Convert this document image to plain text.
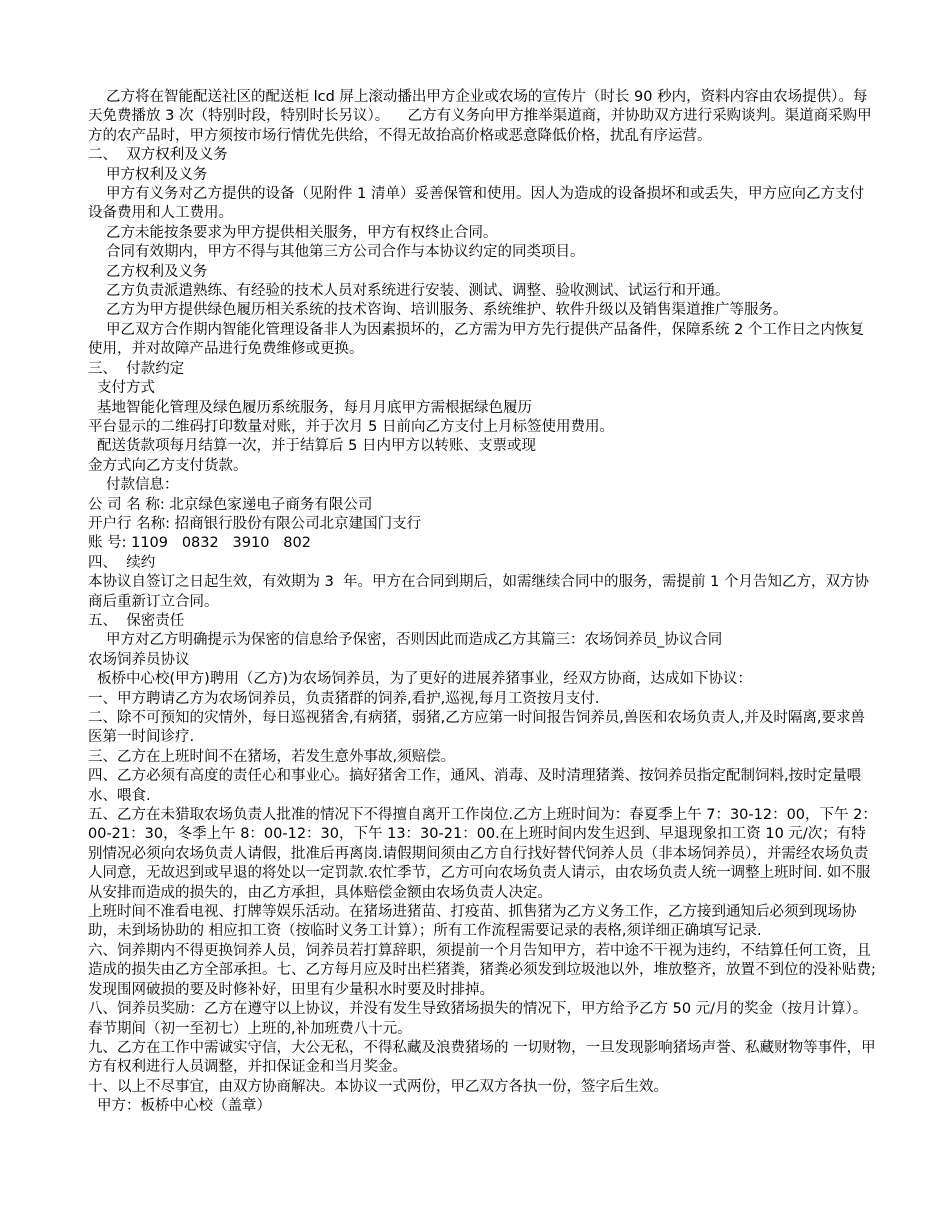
乙方将在智能配送社区的配送柜 lcd 屏上滚动播出甲方企业或农场的宣传片（时长 90 秒内，资料内容由农场提供）。每天免费播放 3 次（特别时段，特别时长另议）。    乙方有义务向甲方推举渠道商，并协助双方进行采购谈判。渠道商采购甲方的农产品时，甲方须按市场行情优先供给，不得无故抬高价格或恶意降低价格，扰乱有序运营。

二、  双方权利及义务

甲方权利及义务

甲方有义务对乙方提供的设备（见附件 1 清单）妥善保管和使用。因人为造成的设备损坏和或丢失，甲方应向乙方支付设备费用和人工费用。

乙方未能按条要求为甲方提供相关服务，甲方有权终止合同。

合同有效期内，甲方不得与其他第三方公司合作与本协议约定的同类项目。

乙方权利及义务

乙方负责派遣熟练、有经验的技术人员对系统进行安装、测试、调整、验收测试、试运行和开通。

乙方为甲方提供绿色履历相关系统的技术咨询、培训服务、系统维护、软件升级以及销售渠道推广等服务。

甲乙双方合作期内智能化管理设备非人为因素损坏的，乙方需为甲方先行提供产品备件，保障系统 2 个工作日之内恢复使用，并对故障产品进行免费维修或更换。

三、  付款约定

支付方式

基地智能化管理及绿色履历系统服务，每月月底甲方需根据绿色履历

平台显示的二维码打印数量对账，并于次月 5 日前向乙方支付上月标签使用费用。

配送货款项每月结算一次，并于结算后 5 日内甲方以转账、支票或现

金方式向乙方支付货款。

付款信息：

公 司 名 称: 北京绿色家递电子商务有限公司

开户行 名称: 招商银行股份有限公司北京建国门支行

账 号: 1109   0832   3910   802

四、  续约

本协议自签订之日起生效，有效期为 3  年。甲方在合同到期后，如需继续合同中的服务，需提前 1 个月告知乙方，双方协商后重新订立合同。

五、  保密责任

甲方对乙方明确提示为保密的信息给予保密，否则因此而造成乙方其篇三：农场饲养员_协议合同

农场饲养员协议

板桥中心校(甲方)聘用（乙方)为农场饲养员，为了更好的进展养猪事业，经双方协商，达成如下协议：

一、甲方聘请乙方为农场饲养员，负责猪群的饲养,看护,巡视,每月工资按月支付.

二、除不可预知的灾情外，每日巡视猪舍,有病猪，弱猪,乙方应第一时间报告饲养员,兽医和农场负责人,并及时隔离,要求兽医第一时间诊疗.

三、乙方在上班时间不在猪场，若发生意外事故,须赔偿。

四、乙方必须有高度的责任心和事业心。搞好猪舍工作，通风、消毒、及时清理猪粪、按饲养员指定配制饲料,按时定量喂水、喂食.

五、乙方在未猎取农场负责人批准的情况下不得擅自离开工作岗位.乙方上班时间为：春夏季上午 7：30-12：00，下午 2：00-21：30，冬季上午 8：00-12：30，下午 13：30-21：00.在上班时间内发生迟到、早退现象扣工资 10 元/次；有特别情况必须向农场负责人请假，批准后再离岗.请假期间须由乙方自行找好替代饲养人员（非本场饲养员），并需经农场负责人同意，无故迟到或早退的将处以一定罚款.农忙季节，乙方可向农场负责人请示，由农场负责人统一调整上班时间. 如不服从安排而造成的损失的，由乙方承担，具体赔偿金额由农场负责人决定。

上班时间不准看电视、打牌等娱乐活动。在猪场进猪苗、打疫苗、抓售猪为乙方义务工作，乙方接到通知后必须到现场协助，未到场协助的 相应扣工资（按临时义务工计算）；所有工作流程需要记录的表格,须详细正确填写记录.

六、饲养期内不得更换饲养人员，饲养员若打算辞职，须提前一个月告知甲方，若中途不干视为违约，不结算任何工资，且造成的损失由乙方全部承担。七、乙方每月应及时出栏猪粪，猪粪必须发到垃圾池以外，堆放整齐，放置不到位的没补贴费;发现围网破损的要及时修补好，田里有少量积水时要及时排掉。

八、饲养员奖励：乙方在遵守以上协议，并没有发生导致猪场损失的情况下，甲方给予乙方 50 元/月的奖金（按月计算）。春节期间（初一至初七）上班的,补加班费八十元。

九、乙方在工作中需诚实守信，大公无私，不得私藏及浪费猪场的 一切财物，一旦发现影响猪场声誉、私藏财物等事件，甲方有权利进行人员调整，并扣保证金和当月奖金。

十、以上不尽事宜，由双方协商解决。本协议一式两份，甲乙双方各执一份，签字后生效。

甲方：板桥中心校（盖章）
